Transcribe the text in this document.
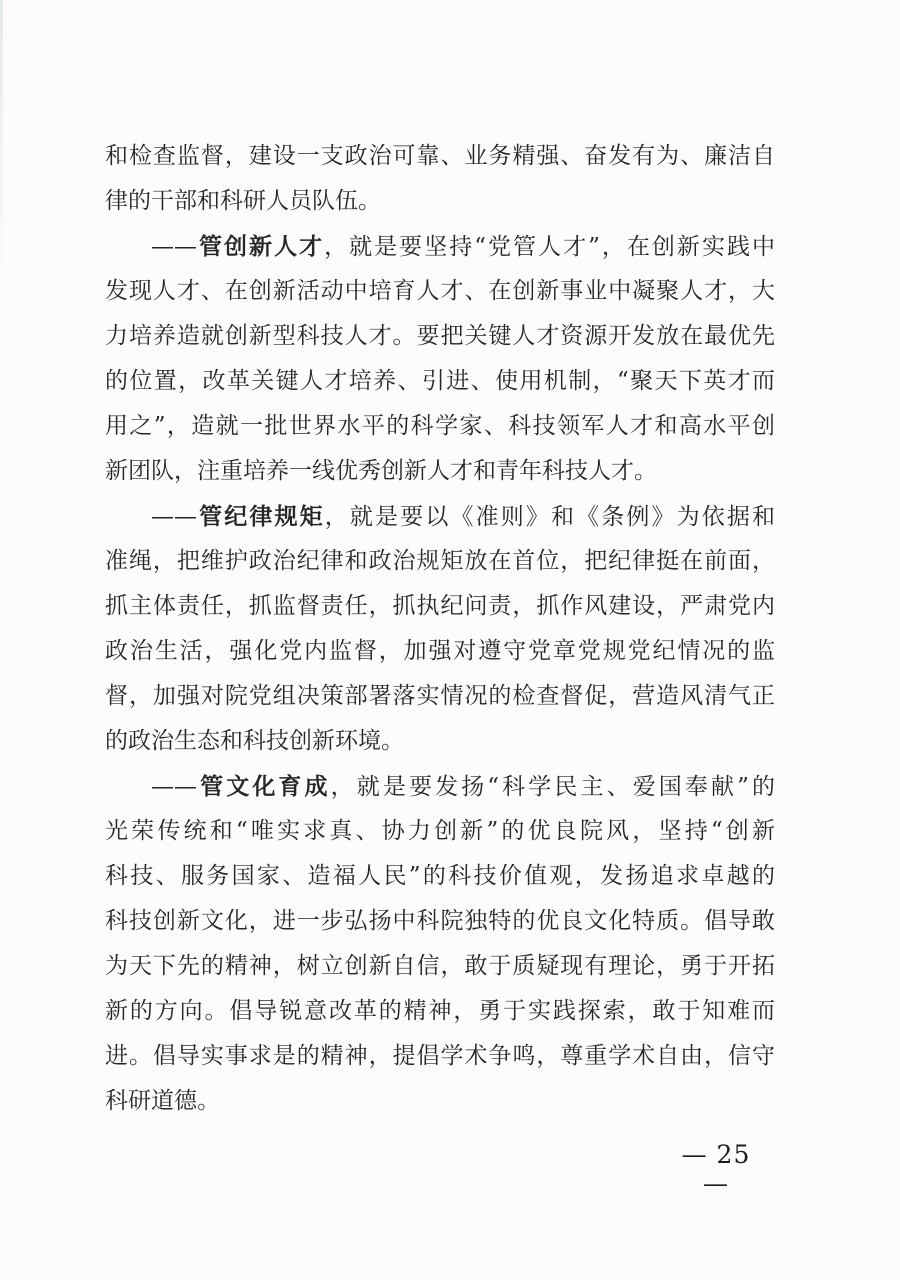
和检查监督，建设一支政治可靠、业务精强、奋发有为、廉洁自
律的干部和科研人员队伍。
——管创新人才，就是要坚持“党管人才”，在创新实践中
发现人才、在创新活动中培育人才、在创新事业中凝聚人才，大
力培养造就创新型科技人才。要把关键人才资源开发放在最优先
的位置，改革关键人才培养、引进、使用机制，“聚天下英才而
用之”，造就一批世界水平的科学家、科技领军人才和高水平创
新团队，注重培养一线优秀创新人才和青年科技人才。
——管纪律规矩，就是要以《准则》和《条例》为依据和
准绳，把维护政治纪律和政治规矩放在首位，把纪律挺在前面，
抓主体责任，抓监督责任，抓执纪问责，抓作风建设，严肃党内
政治生活，强化党内监督，加强对遵守党章党规党纪情况的监
督，加强对院党组决策部署落实情况的检查督促，营造风清气正
的政治生态和科技创新环境。
——管文化育成，就是要发扬“科学民主、爱国奉献”的
光荣传统和“唯实求真、协力创新”的优良院风，坚持“创新
科技、服务国家、造福人民”的科技价值观，发扬追求卓越的
科技创新文化，进一步弘扬中科院独特的优良文化特质。倡导敢
为天下先的精神，树立创新自信，敢于质疑现有理论，勇于开拓
新的方向。倡导锐意改革的精神，勇于实践探索，敢于知难而
进。倡导实事求是的精神，提倡学术争鸣，尊重学术自由，信守
科研道德。
— 25 —
